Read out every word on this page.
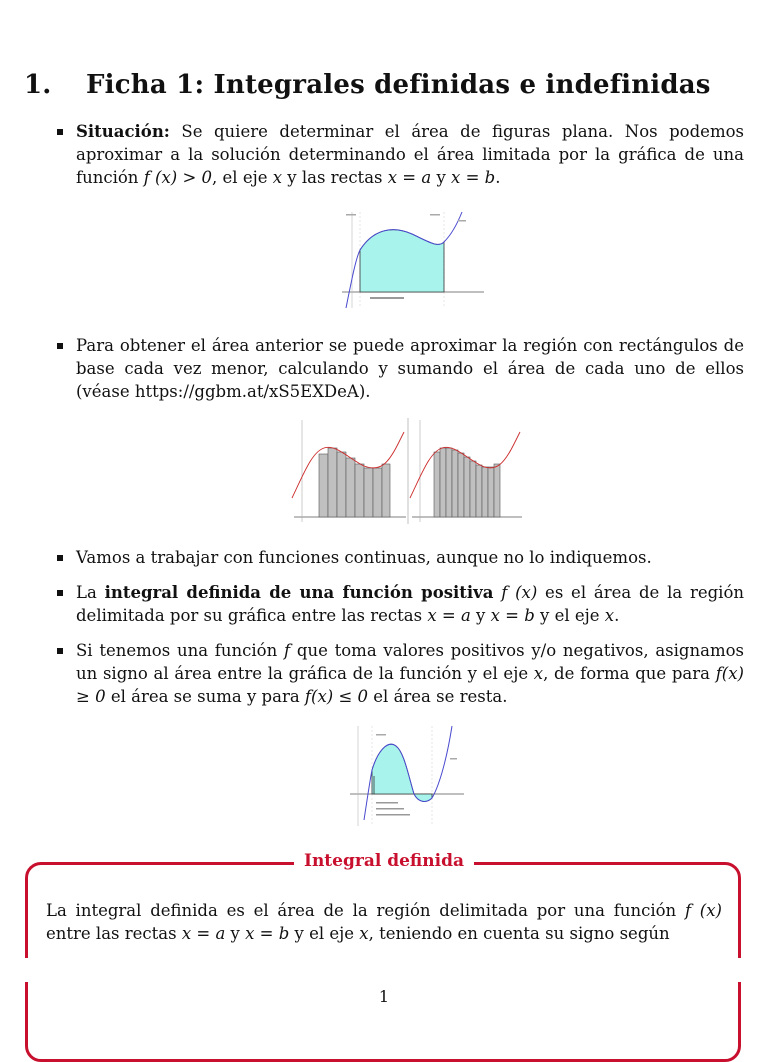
1. Ficha 1: Integrales definidas e indefinidas
Situación: Se quiere determinar el área de figuras plana. Nos podemos aproximar a la solución determinando el área limitada por la gráfica de una función f (x) > 0, el eje x y las rectas x = a y x = b.
Para obtener el área anterior se puede aproximar la región con rectángulos de base cada vez menor, calculando y sumando el área de cada uno de ellos (véase https://ggbm.at/xS5EXDeA).
Vamos a trabajar con funciones continuas, aunque no lo indiquemos.
La integral definida de una función positiva f (x) es el área de la región delimitada por su gráfica entre las rectas x = a y x = b y el eje x.
Si tenemos una función f que toma valores positivos y/o negativos, asignamos un signo al área entre la gráfica de la función y el eje x, de forma que para f(x) ≥ 0 el área se suma y para f(x) ≤ 0 el área se resta.
Integral definida
La integral definida es el área de la región delimitada por una función f (x) entre las rectas x = a y x = b y el eje x, teniendo en cuenta su signo según
1
